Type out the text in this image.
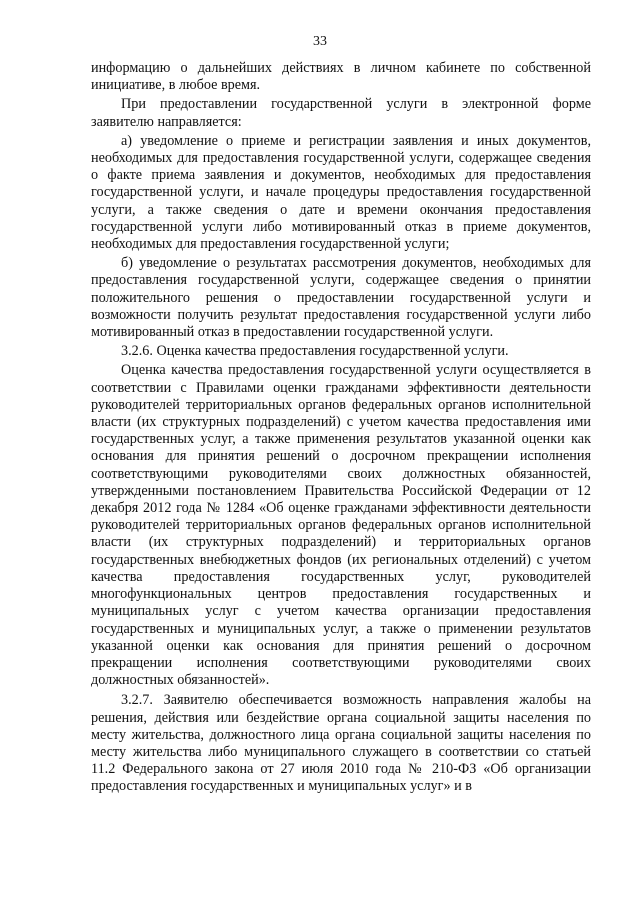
33

информацию о дальнейших действиях в личном кабинете по собственной инициативе, в любое время.

При предоставлении государственной услуги в электронной форме заявителю направляется:

а) уведомление о приеме и регистрации заявления и иных документов, необходимых для предоставления государственной услуги, содержащее сведения о факте приема заявления и документов, необходимых для предоставления государственной услуги, и начале процедуры предоставления государственной услуги, а также сведения о дате и времени окончания предоставления государственной услуги либо мотивированный отказ в приеме документов, необходимых для предоставления государственной услуги;

б) уведомление о результатах рассмотрения документов, необходимых для предоставления государственной услуги, содержащее сведения о принятии положительного решения о предоставлении государственной услуги и возможности получить результат предоставления государственной услуги либо мотивированный отказ в предоставлении государственной услуги.

3.2.6. Оценка качества предоставления государственной услуги.

Оценка качества предоставления государственной услуги осуществляется в соответствии с Правилами оценки гражданами эффективности деятельности руководителей территориальных органов федеральных органов исполнительной власти (их структурных подразделений) с учетом качества предоставления ими государственных услуг, а также применения результатов указанной оценки как основания для принятия решений о досрочном прекращении исполнения соответствующими руководителями своих должностных обязанностей, утвержденными постановлением Правительства Российской Федерации от 12 декабря 2012 года № 1284 «Об оценке гражданами эффективности деятельности руководителей территориальных органов федеральных органов исполнительной власти (их структурных подразделений) и территориальных органов государственных внебюджетных фондов (их региональных отделений) с учетом качества предоставления государственных услуг, руководителей многофункциональных центров предоставления государственных и муниципальных услуг с учетом качества организации предоставления государственных и муниципальных услуг, а также о применении результатов указанной оценки как основания для принятия решений о досрочном прекращении исполнения соответствующими руководителями своих должностных обязанностей».

3.2.7. Заявителю обеспечивается возможность направления жалобы на решения, действия или бездействие органа социальной защиты населения по месту жительства, должностного лица органа социальной защиты населения по месту жительства либо муниципального служащего в соответствии со статьей 11.2 Федерального закона от 27 июля 2010 года № 210-ФЗ «Об организации предоставления государственных и муниципальных услуг» и в
